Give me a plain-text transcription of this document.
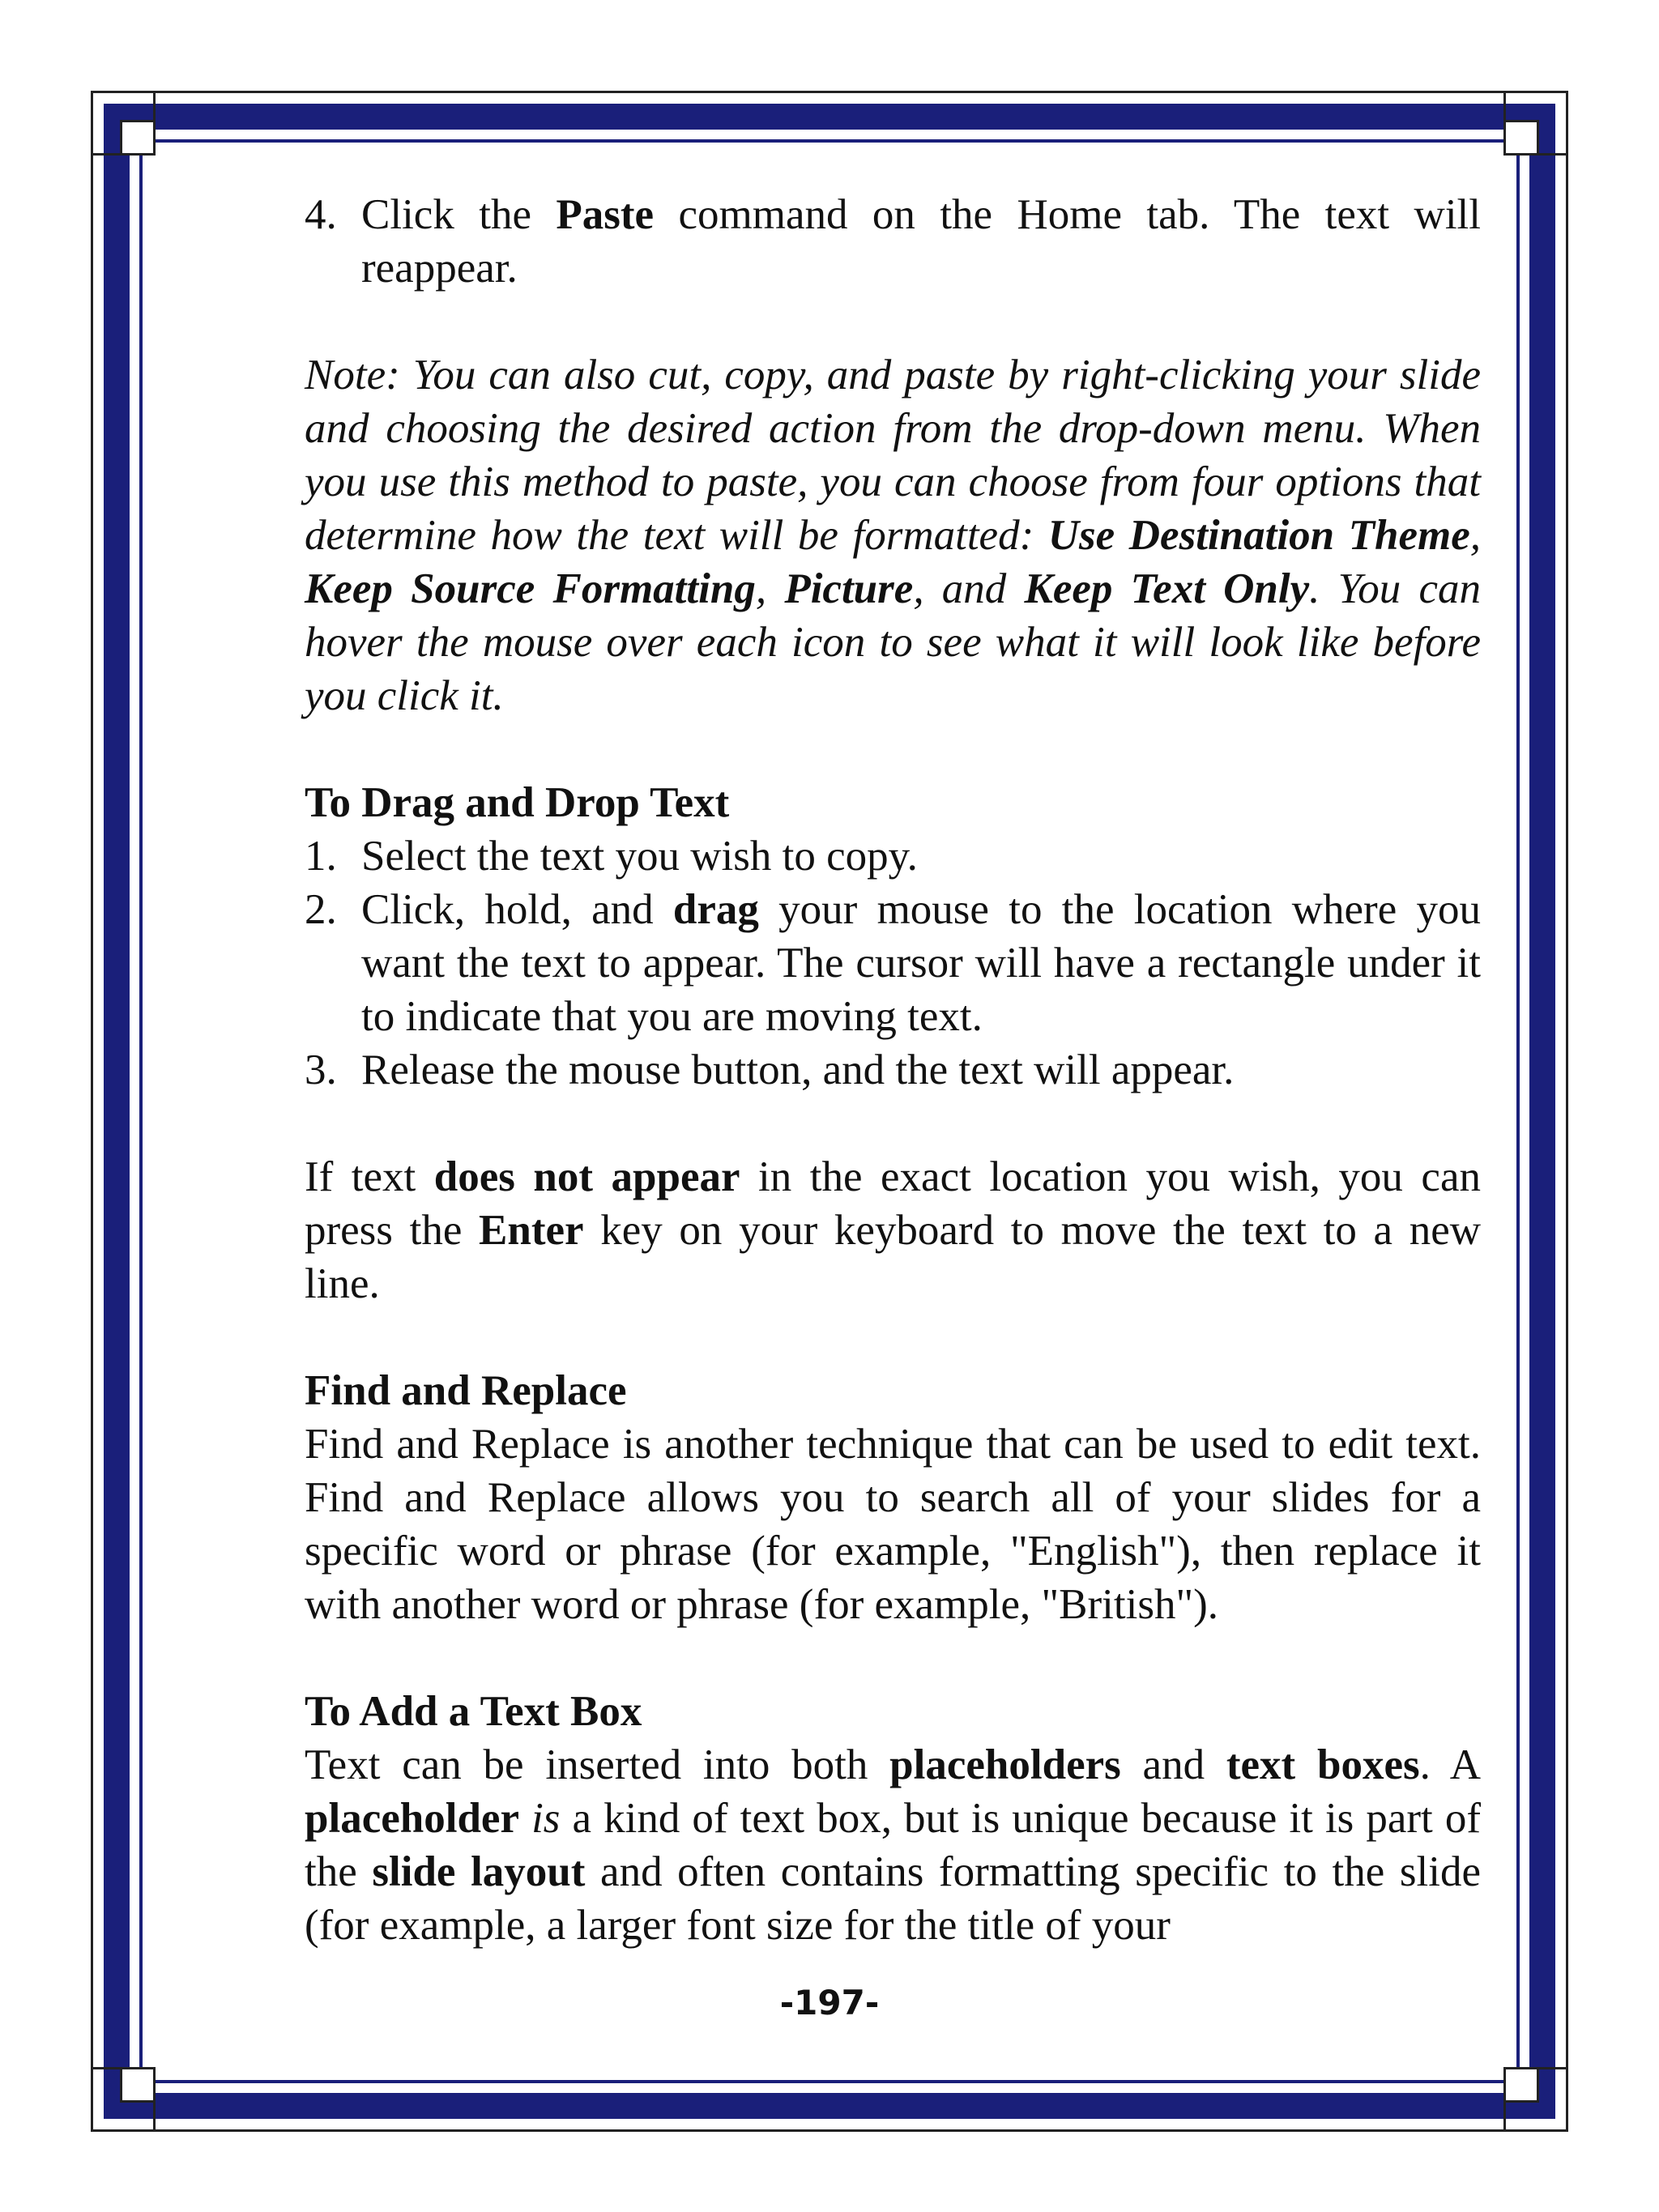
4. Click the Paste command on the Home tab. The text will reappear.

Note: You can also cut, copy, and paste by right-clicking your slide and choosing the desired action from the drop-down menu. When you use this method to paste, you can choose from four options that determine how the text will be formatted: Use Destination Theme, Keep Source Formatting, Picture, and Keep Text Only. You can hover the mouse over each icon to see what it will look like before you click it.

To Drag and Drop Text

1. Select the text you wish to copy.
2. Click, hold, and drag your mouse to the location where you want the text to appear. The cursor will have a rectangle under it to indicate that you are moving text.
3. Release the mouse button, and the text will appear.

If text does not appear in the exact location you wish, you can press the Enter key on your keyboard to move the text to a new line.

Find and Replace

Find and Replace is another technique that can be used to edit text. Find and Replace allows you to search all of your slides for a specific word or phrase (for example, "English"), then replace it with another word or phrase (for example, "British").

To Add a Text Box

Text can be inserted into both placeholders and text boxes. A placeholder is a kind of text box, but is unique because it is part of the slide layout and often contains formatting specific to the slide (for example, a larger font size for the title of your

-197-
